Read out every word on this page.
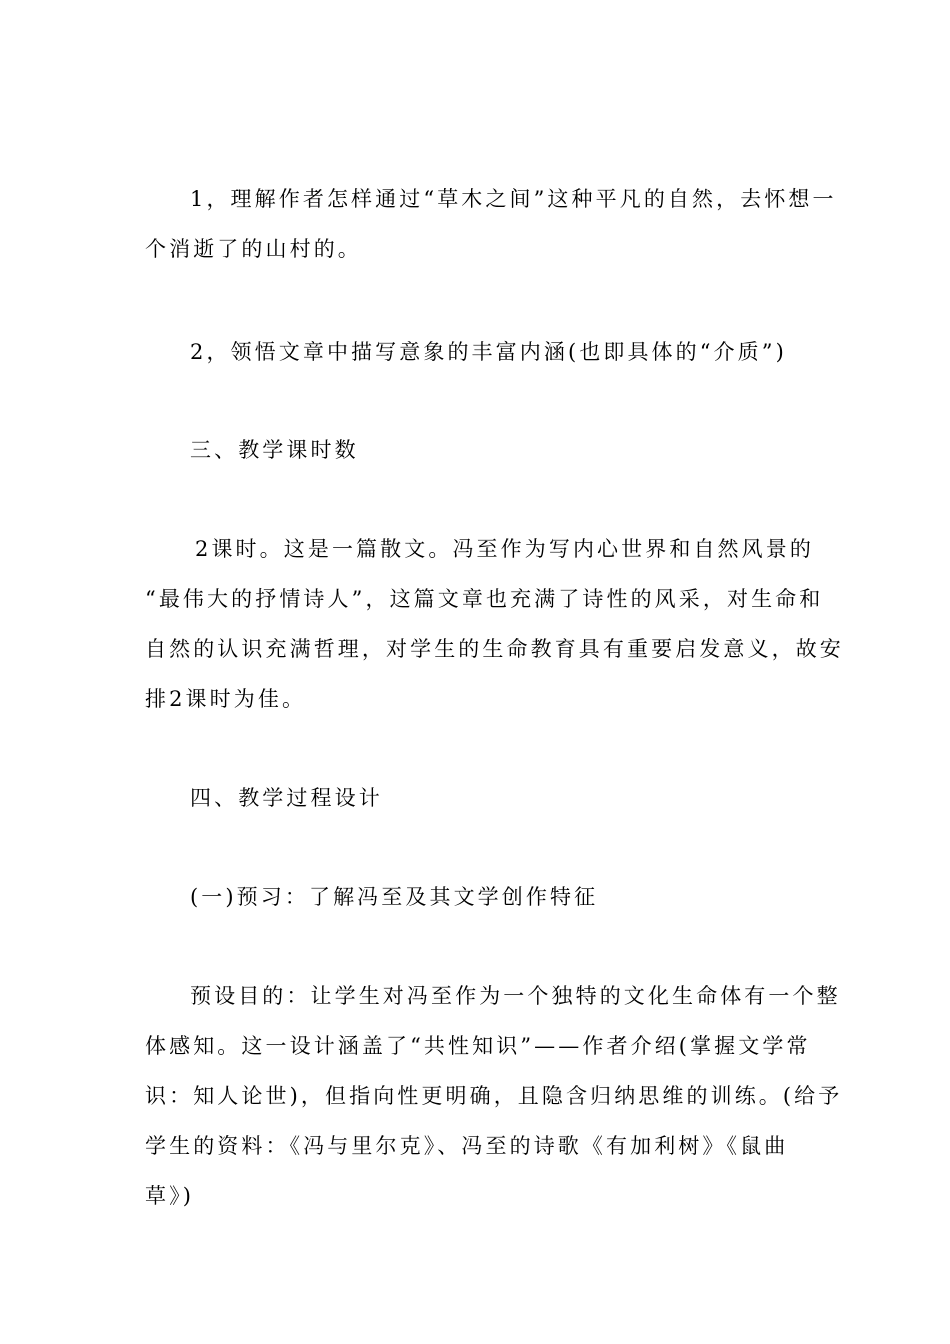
1，理解作者怎样通过“草木之间”这种平凡的自然，去怀想一
个消逝了的山村的。
2，领悟文章中描写意象的丰富内涵(也即具体的“介质”)
三、教学课时数
2课时。这是一篇散文。冯至作为写内心世界和自然风景的
“最伟大的抒情诗人”，这篇文章也充满了诗性的风采，对生命和
自然的认识充满哲理，对学生的生命教育具有重要启发意义，故安
排2课时为佳。
四、教学过程设计
(一)预习：了解冯至及其文学创作特征
预设目的：让学生对冯至作为一个独特的文化生命体有一个整
体感知。这一设计涵盖了“共性知识”——作者介绍(掌握文学常
识：知人论世)，但指向性更明确，且隐含归纳思维的训练。(给予
学生的资料：《冯与里尔克》、冯至的诗歌《有加利树》《鼠曲
草》)
